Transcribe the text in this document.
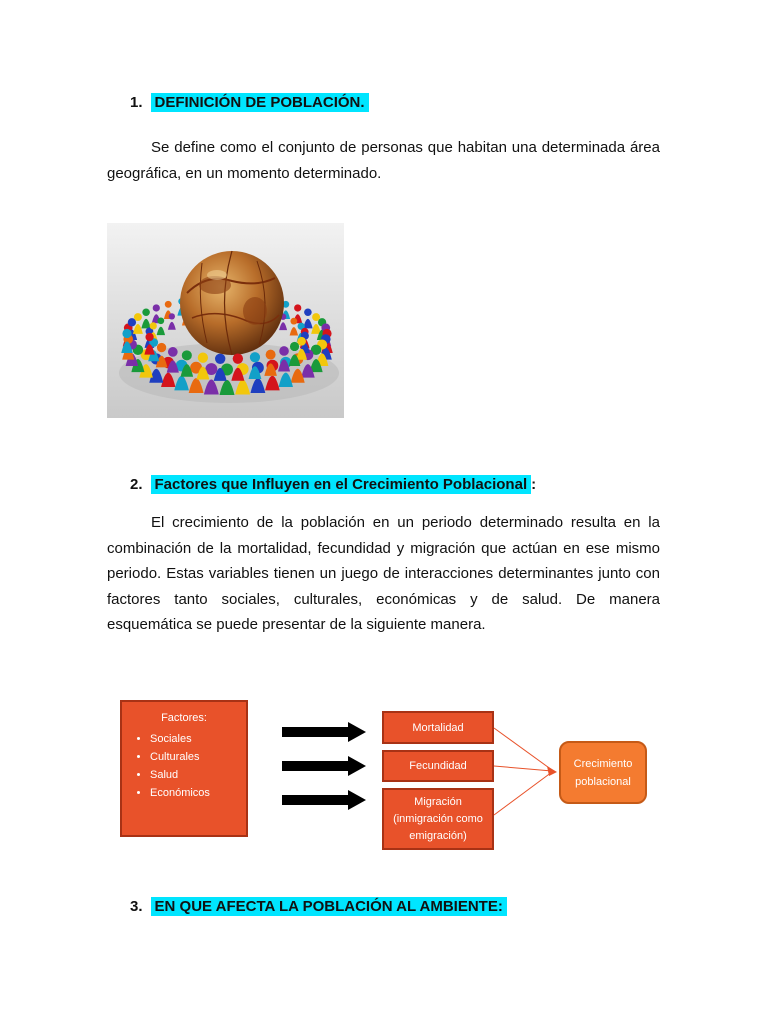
1. DEFINICIÓN DE POBLACIÓN.

Se define como el conjunto de personas que habitan una determinada área geográfica, en un momento determinado.

2. Factores que Influyen en el Crecimiento Poblacional :

El crecimiento de la población en un periodo determinado resulta en la combinación de la mortalidad, fecundidad y migración que actúan en ese mismo periodo. Estas variables tienen un juego de interacciones determinantes junto con factores tanto sociales, culturales, económicas y de salud. De manera esquemática se puede presentar de la siguiente manera.

Factores:
• Sociales
• Culturales
• Salud
• Económicos
Mortalidad
Fecundidad
Migración (inmigración como emigración)
Crecimiento poblacional
3. EN QUE AFECTA LA POBLACIÓN AL AMBIENTE:
